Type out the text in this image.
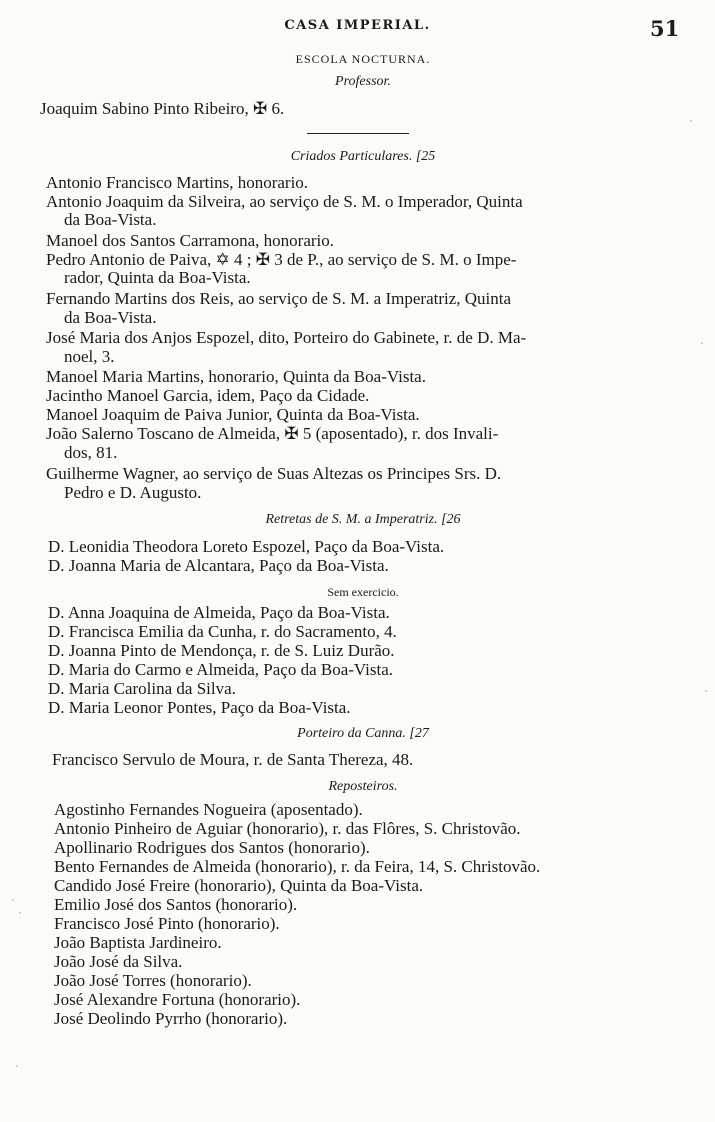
CASA IMPERIAL.	51
ESCOLA NOCTURNA.
Professor.
Joaquim Sabino Pinto Ribeiro, ✠ 6.
Criados Particulares. [25
Antonio Francisco Martins, honorario.
Antonio Joaquim da Silveira, ao serviço de S. M. o Imperador, Quinta
da Boa-Vista.
Manoel dos Santos Carramona, honorario.
Pedro Antonio de Paiva, ✡ 4 ; ✠ 3 de P., ao serviço de S. M. o Impe-
rador, Quinta da Boa-Vista.
Fernando Martins dos Reis, ao serviço de S. M. a Imperatriz, Quinta
da Boa-Vista.
José Maria dos Anjos Espozel, dito, Porteiro do Gabinete, r. de D. Ma-
noel, 3.
Manoel Maria Martins, honorario, Quinta da Boa-Vista.
Jacintho Manoel Garcia, idem, Paço da Cidade.
Manoel Joaquim de Paiva Junior, Quinta da Boa-Vista.
João Salerno Toscano de Almeida, ✠ 5 (aposentado), r. dos Invali-
dos, 81.
Guilherme Wagner, ao serviço de Suas Altezas os Principes Srs. D.
Pedro e D. Augusto.
Retretas de S. M. a Imperatriz. [26
D. Leonidia Theodora Loreto Espozel, Paço da Boa-Vista.
D. Joanna Maria de Alcantara, Paço da Boa-Vista.
Sem exercicio.
D. Anna Joaquina de Almeida, Paço da Boa-Vista.
D. Francisca Emilia da Cunha, r. do Sacramento, 4.
D. Joanna Pinto de Mendonça, r. de S. Luiz Durão.
D. Maria do Carmo e Almeida, Paço da Boa-Vista.
D. Maria Carolina da Silva.
D. Maria Leonor Pontes, Paço da Boa-Vista.
Porteiro da Canna. [27
Francisco Servulo de Moura, r. de Santa Thereza, 48.
Reposteiros.
Agostinho Fernandes Nogueira (aposentado).
Antonio Pinheiro de Aguiar (honorario), r. das Flôres, S. Christovão.
Apollinario Rodrigues dos Santos (honorario).
Bento Fernandes de Almeida (honorario), r. da Feira, 14, S. Christovão.
Candido José Freire (honorario), Quinta da Boa-Vista.
Emilio José dos Santos (honorario).
Francisco José Pinto (honorario).
João Baptista Jardineiro.
João José da Silva.
João José Torres (honorario).
José Alexandre Fortuna (honorario).
José Deolindo Pyrrho (honorario).
